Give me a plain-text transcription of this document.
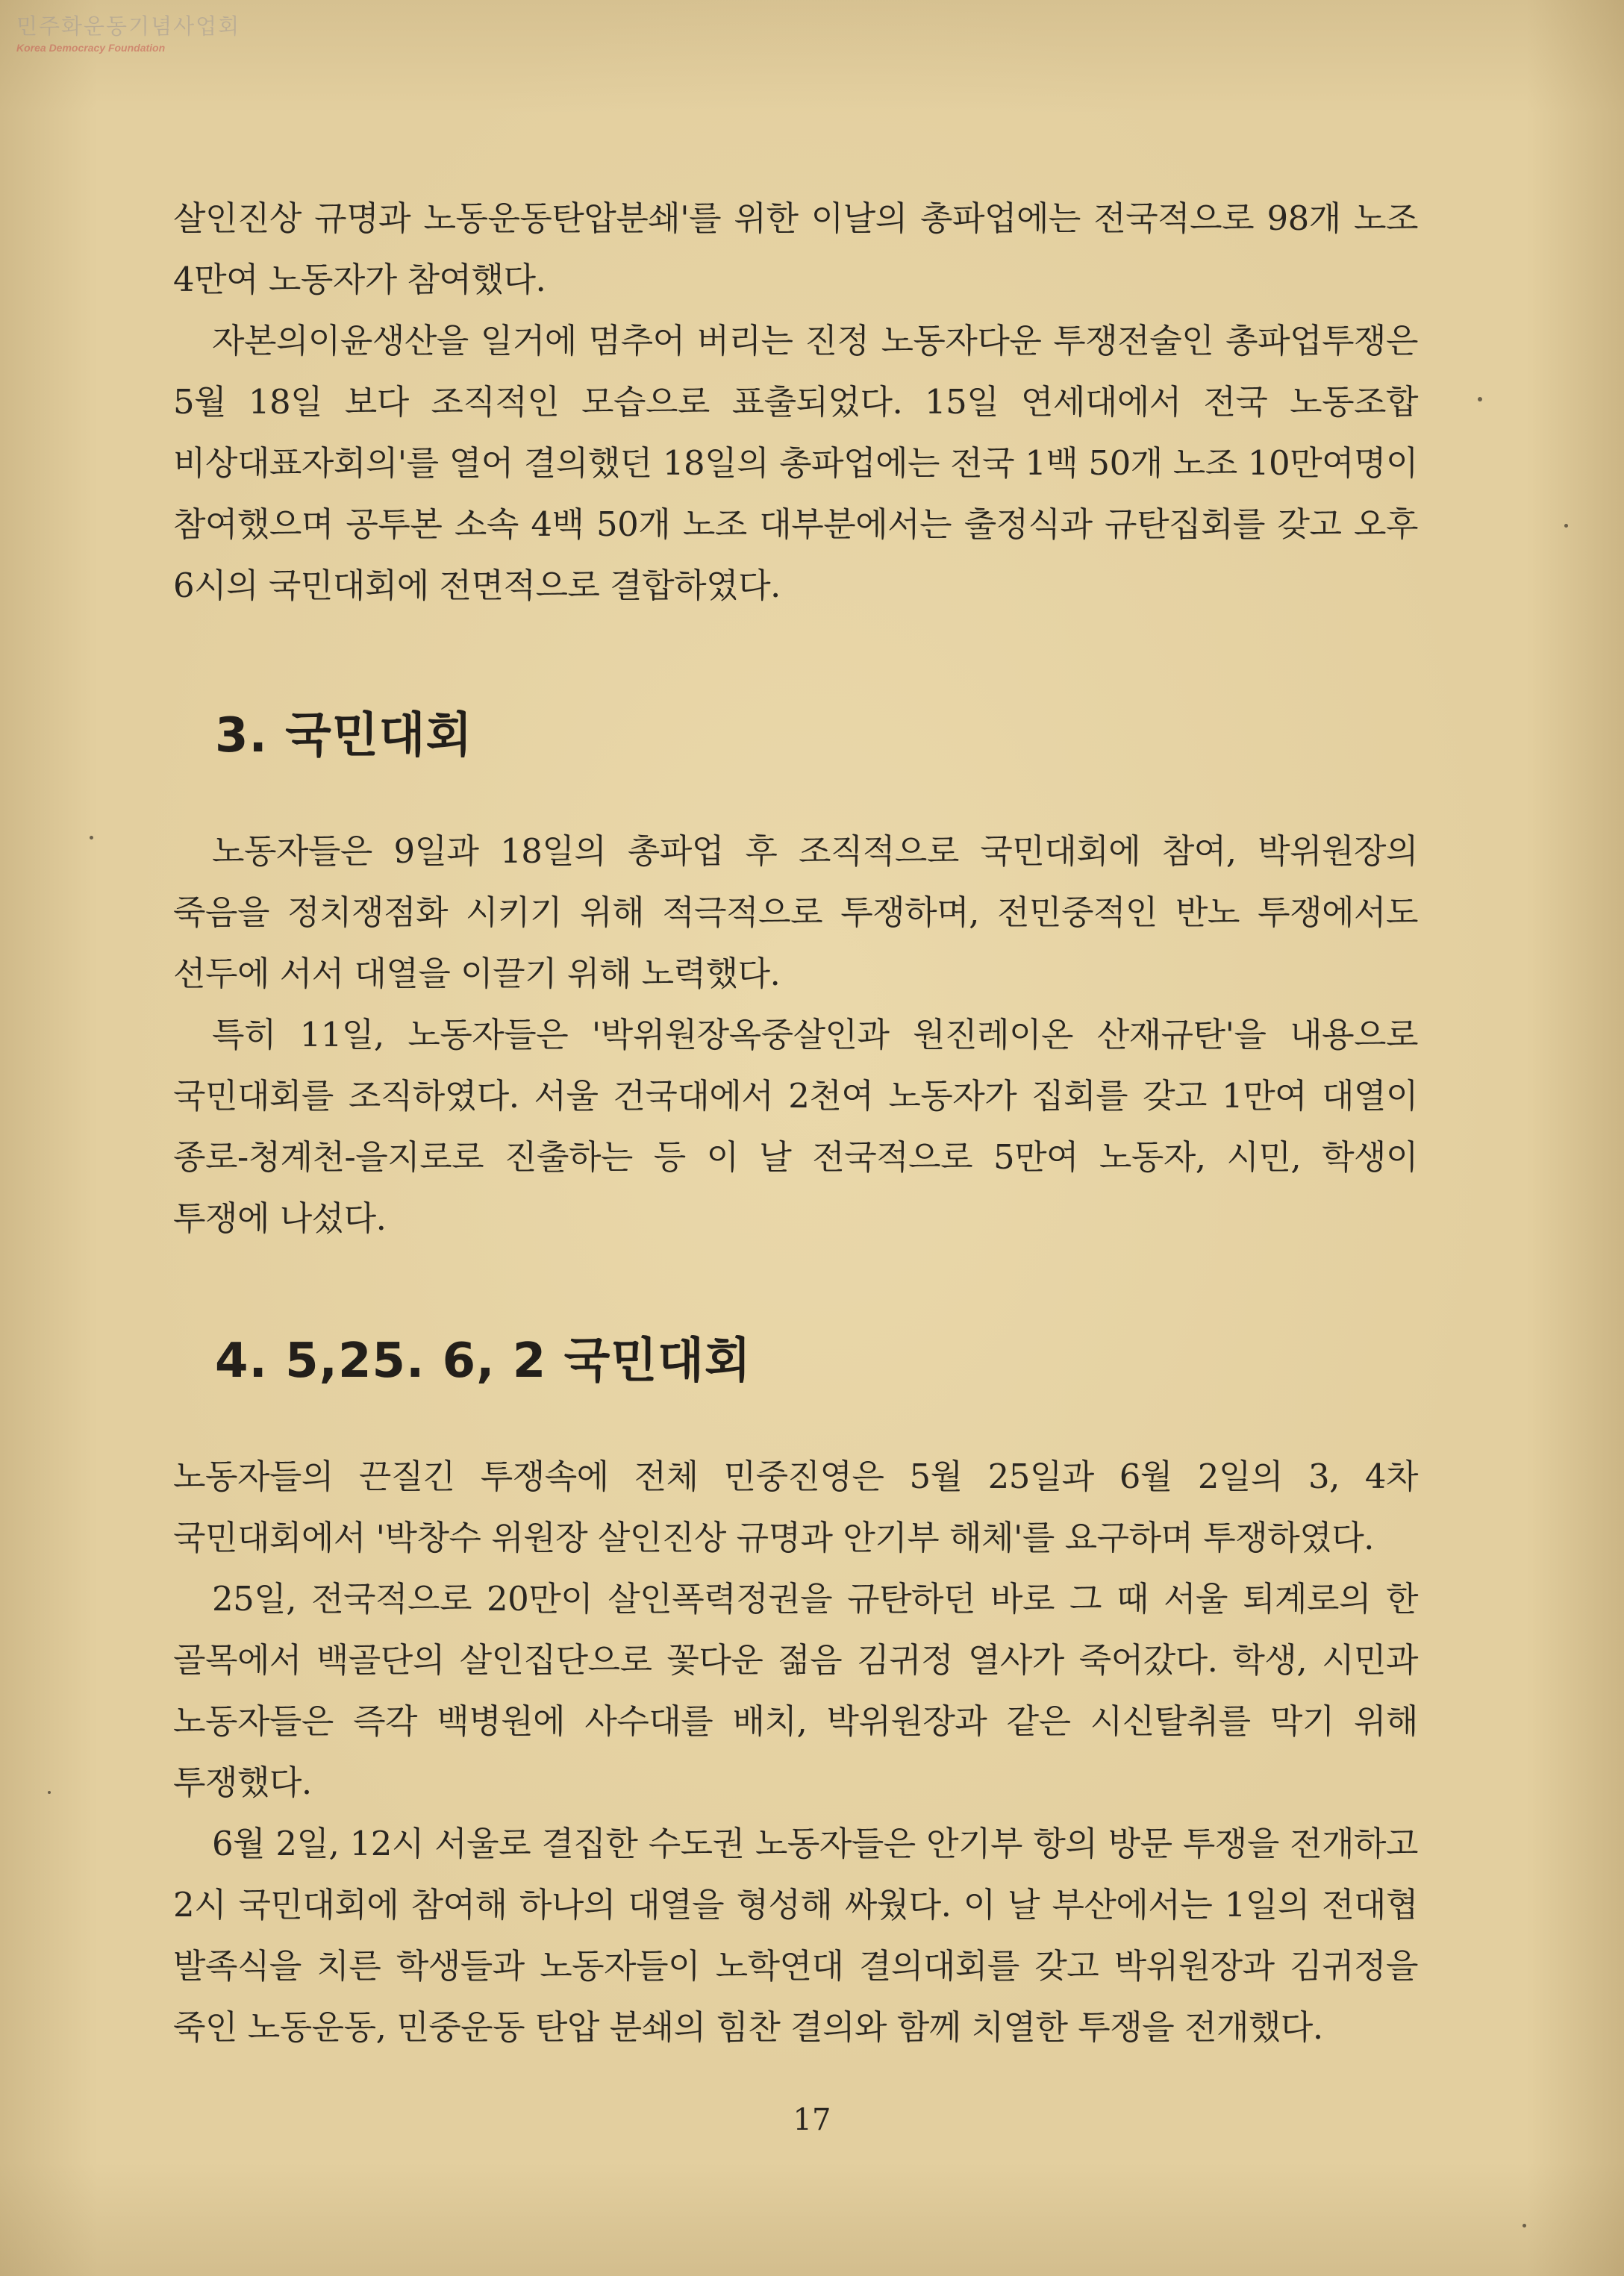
민주화운동기념사업회
Korea Democracy Foundation

살인진상 규명과 노동운동탄압분쇄'를 위한 이날의 총파업에는 전국적으로 98개 노조 4만여 노동자가 참여했다.

자본의이윤생산을 일거에 멈추어 버리는 진정 노동자다운 투쟁전술인 총파업투쟁은 5월 18일 보다 조직적인 모습으로 표출되었다. 15일 연세대에서 전국 노동조합 비상대표자회의'를 열어 결의했던 18일의 총파업에는 전국 1백 50개 노조 10만여명이 참여했으며 공투본 소속 4백 50개 노조 대부분에서는 출정식과 규탄집회를 갖고 오후 6시의 국민대회에 전면적으로 결합하였다.

3. 국민대회

노동자들은 9일과 18일의 총파업 후 조직적으로 국민대회에 참여, 박위원장의 죽음을 정치쟁점화 시키기 위해 적극적으로 투쟁하며, 전민중적인 반노 투쟁에서도 선두에 서서 대열을 이끌기 위해 노력했다.

특히 11일, 노동자들은 '박위원장옥중살인과 원진레이온 산재규탄'을 내용으로 국민대회를 조직하였다. 서울 건국대에서 2천여 노동자가 집회를 갖고 1만여 대열이 종로-청계천-을지로로 진출하는 등 이 날 전국적으로 5만여 노동자, 시민, 학생이 투쟁에 나섰다.

4. 5,25. 6, 2 국민대회

노동자들의 끈질긴 투쟁속에 전체 민중진영은 5월 25일과 6월 2일의 3, 4차 국민대회에서 '박창수 위원장 살인진상 규명과 안기부 해체'를 요구하며 투쟁하였다.

25일, 전국적으로 20만이 살인폭력정권을 규탄하던 바로 그 때 서울 퇴계로의 한 골목에서 백골단의 살인집단으로 꽃다운 젊음 김귀정 열사가 죽어갔다. 학생, 시민과 노동자들은 즉각 백병원에 사수대를 배치, 박위원장과 같은 시신탈취를 막기 위해 투쟁했다.

6월 2일, 12시 서울로 결집한 수도권 노동자들은 안기부 항의 방문 투쟁을 전개하고 2시 국민대회에 참여해 하나의 대열을 형성해 싸웠다. 이 날 부산에서는 1일의 전대협 발족식을 치른 학생들과 노동자들이 노학연대 결의대회를 갖고 박위원장과 김귀정을 죽인 노동운동, 민중운동 탄압 분쇄의 힘찬 결의와 함께 치열한 투쟁을 전개했다.

17
